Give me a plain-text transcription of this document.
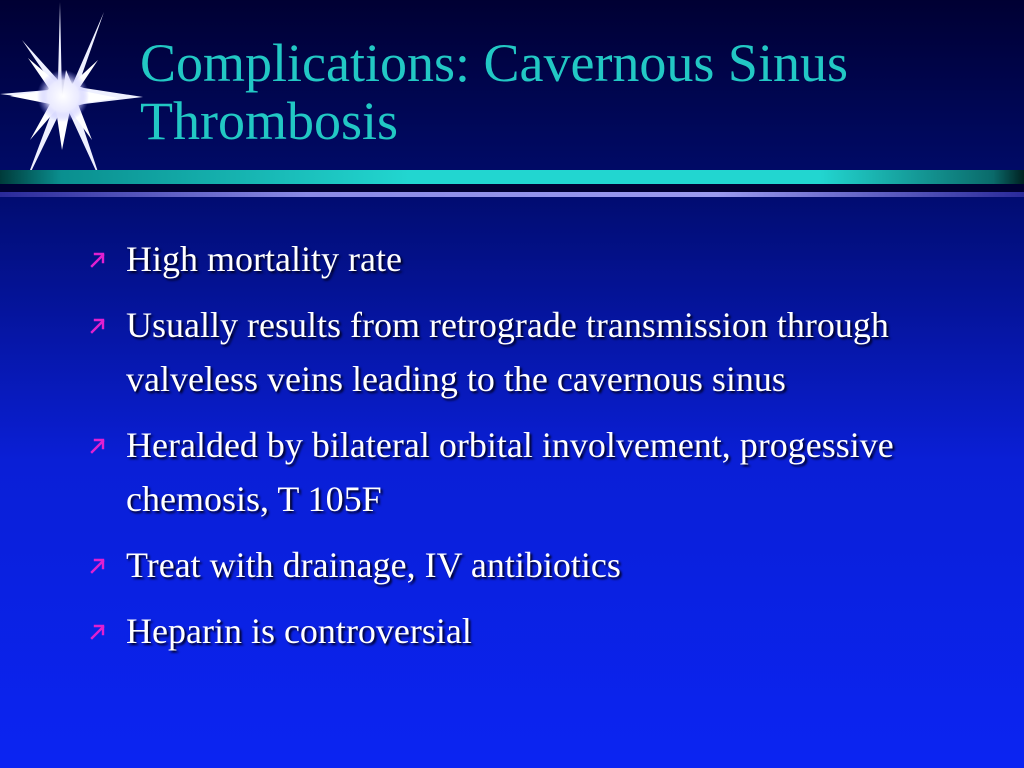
Complications: Cavernous Sinus
Thrombosis
High mortality rate
Usually results from retrograde transmission through valveless veins leading to the cavernous sinus
Heralded by bilateral orbital involvement, progessive chemosis, T 105F
Treat with drainage, IV antibiotics
Heparin is controversial
